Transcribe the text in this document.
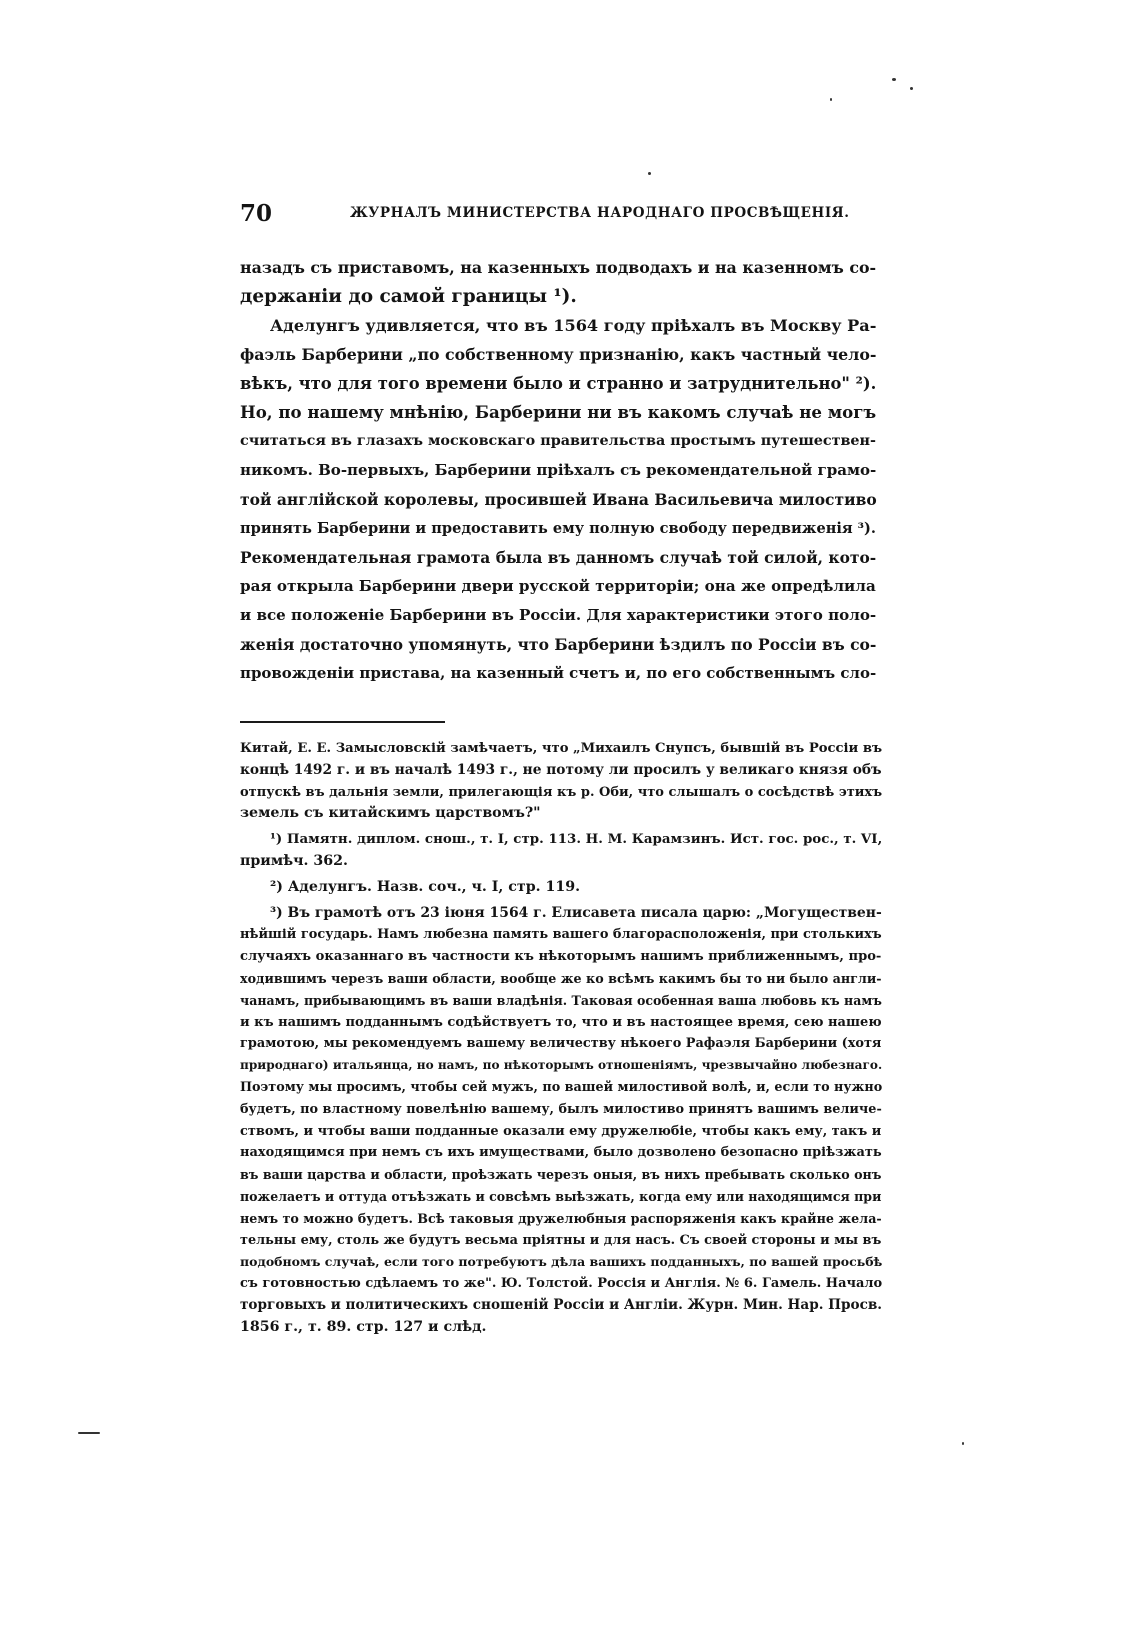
70	ЖУРНАЛЪ МИНИСТЕРСТВА НАРОДНАГО ПРОСВѢЩЕНІЯ.
назадъ съ приставомъ, на казенныхъ подводахъ и на казенномъ со-
держаніи до самой границы ¹).
Аделунгъ удивляется, что въ 1564 году пріѣхалъ въ Москву Ра-
фаэль Барберини „по собственному признанію, какъ частный чело-
вѣкъ, что для того времени было и странно и затруднительно" ²).
Но, по нашему мнѣнію, Барберини ни въ какомъ случаѣ не могъ
считаться въ глазахъ московскаго правительства простымъ путешествен-
никомъ. Во-первыхъ, Барберини пріѣхалъ съ рекомендательной грамо-
той англійской королевы, просившей Ивана Васильевича милостиво
принять Барберини и предоставить ему полную свободу передвиженія ³).
Рекомендательная грамота была въ данномъ случаѣ той силой, кото-
рая открыла Барберини двери русской территоріи; она же опредѣлила
и все положеніе Барберини въ Россіи. Для характеристики этого поло-
женія достаточно упомянуть, что Барберини ѣздилъ по Россіи въ со-
провожденіи пристава, на казенный счетъ и, по его собственнымъ сло-
Китай, Е. Е. Замысловскій замѣчаетъ, что „Михаилъ Снупсъ, бывшій въ Россіи въ
концѣ 1492 г. и въ началѣ 1493 г., не потому ли просилъ у великаго князя объ
отпускѣ въ дальнія земли, прилегающія къ р. Оби, что слышалъ о сосѣдствѣ этихъ
земель съ китайскимъ царствомъ?"
¹) Памятн. диплом. снош., т. I, стр. 113. Н. М. Карамзинъ. Ист. гос. рос., т. VI,
примѣч. 362.
²) Аделунгъ. Назв. соч., ч. I, стр. 119.
³) Въ грамотѣ отъ 23 іюня 1564 г. Елисавета писала царю: „Могуществен-
нѣйшій государь. Намъ любезна память вашего благорасположенія, при столькихъ
случаяхъ оказаннаго въ частности къ нѣкоторымъ нашимъ приближеннымъ, про-
ходившимъ черезъ ваши области, вообще же ко всѣмъ какимъ бы то ни было англи-
чанамъ, прибывающимъ въ ваши владѣнія. Таковая особенная ваша любовь къ намъ
и къ нашимъ подданнымъ содѣйствуетъ то, что и въ настоящее время, сею нашею
грамотою, мы рекомендуемъ вашему величеству нѣкоего Рафаэля Барберини (хотя
природнаго) итальянца, но намъ, по нѣкоторымъ отношеніямъ, чрезвычайно любезнаго.
Поэтому мы просимъ, чтобы сей мужъ, по вашей милостивой волѣ, и, если то нужно
будетъ, по властному повелѣнію вашему, былъ милостиво принятъ вашимъ величе-
ствомъ, и чтобы ваши подданные оказали ему дружелюбіе, чтобы какъ ему, такъ и
находящимся при немъ съ ихъ имуществами, было дозволено безопасно пріѣзжать
въ ваши царства и области, проѣзжать черезъ оныя, въ нихъ пребывать сколько онъ
пожелаетъ и оттуда отъѣзжать и совсѣмъ выѣзжать, когда ему или находящимся при
немъ то можно будетъ. Всѣ таковыя дружелюбныя распоряженія какъ крайне жела-
тельны ему, столь же будутъ весьма пріятны и для насъ. Съ своей стороны и мы въ
подобномъ случаѣ, если того потребуютъ дѣла вашихъ подданныхъ, по вашей просьбѣ
съ готовностью сдѣлаемъ то же". Ю. Толстой. Россія и Англія. № 6. Гамель. Начало
торговыхъ и политическихъ сношеній Россіи и Англіи. Журн. Мин. Нар. Просв.
1856 г., т. 89. стр. 127 и слѣд.
